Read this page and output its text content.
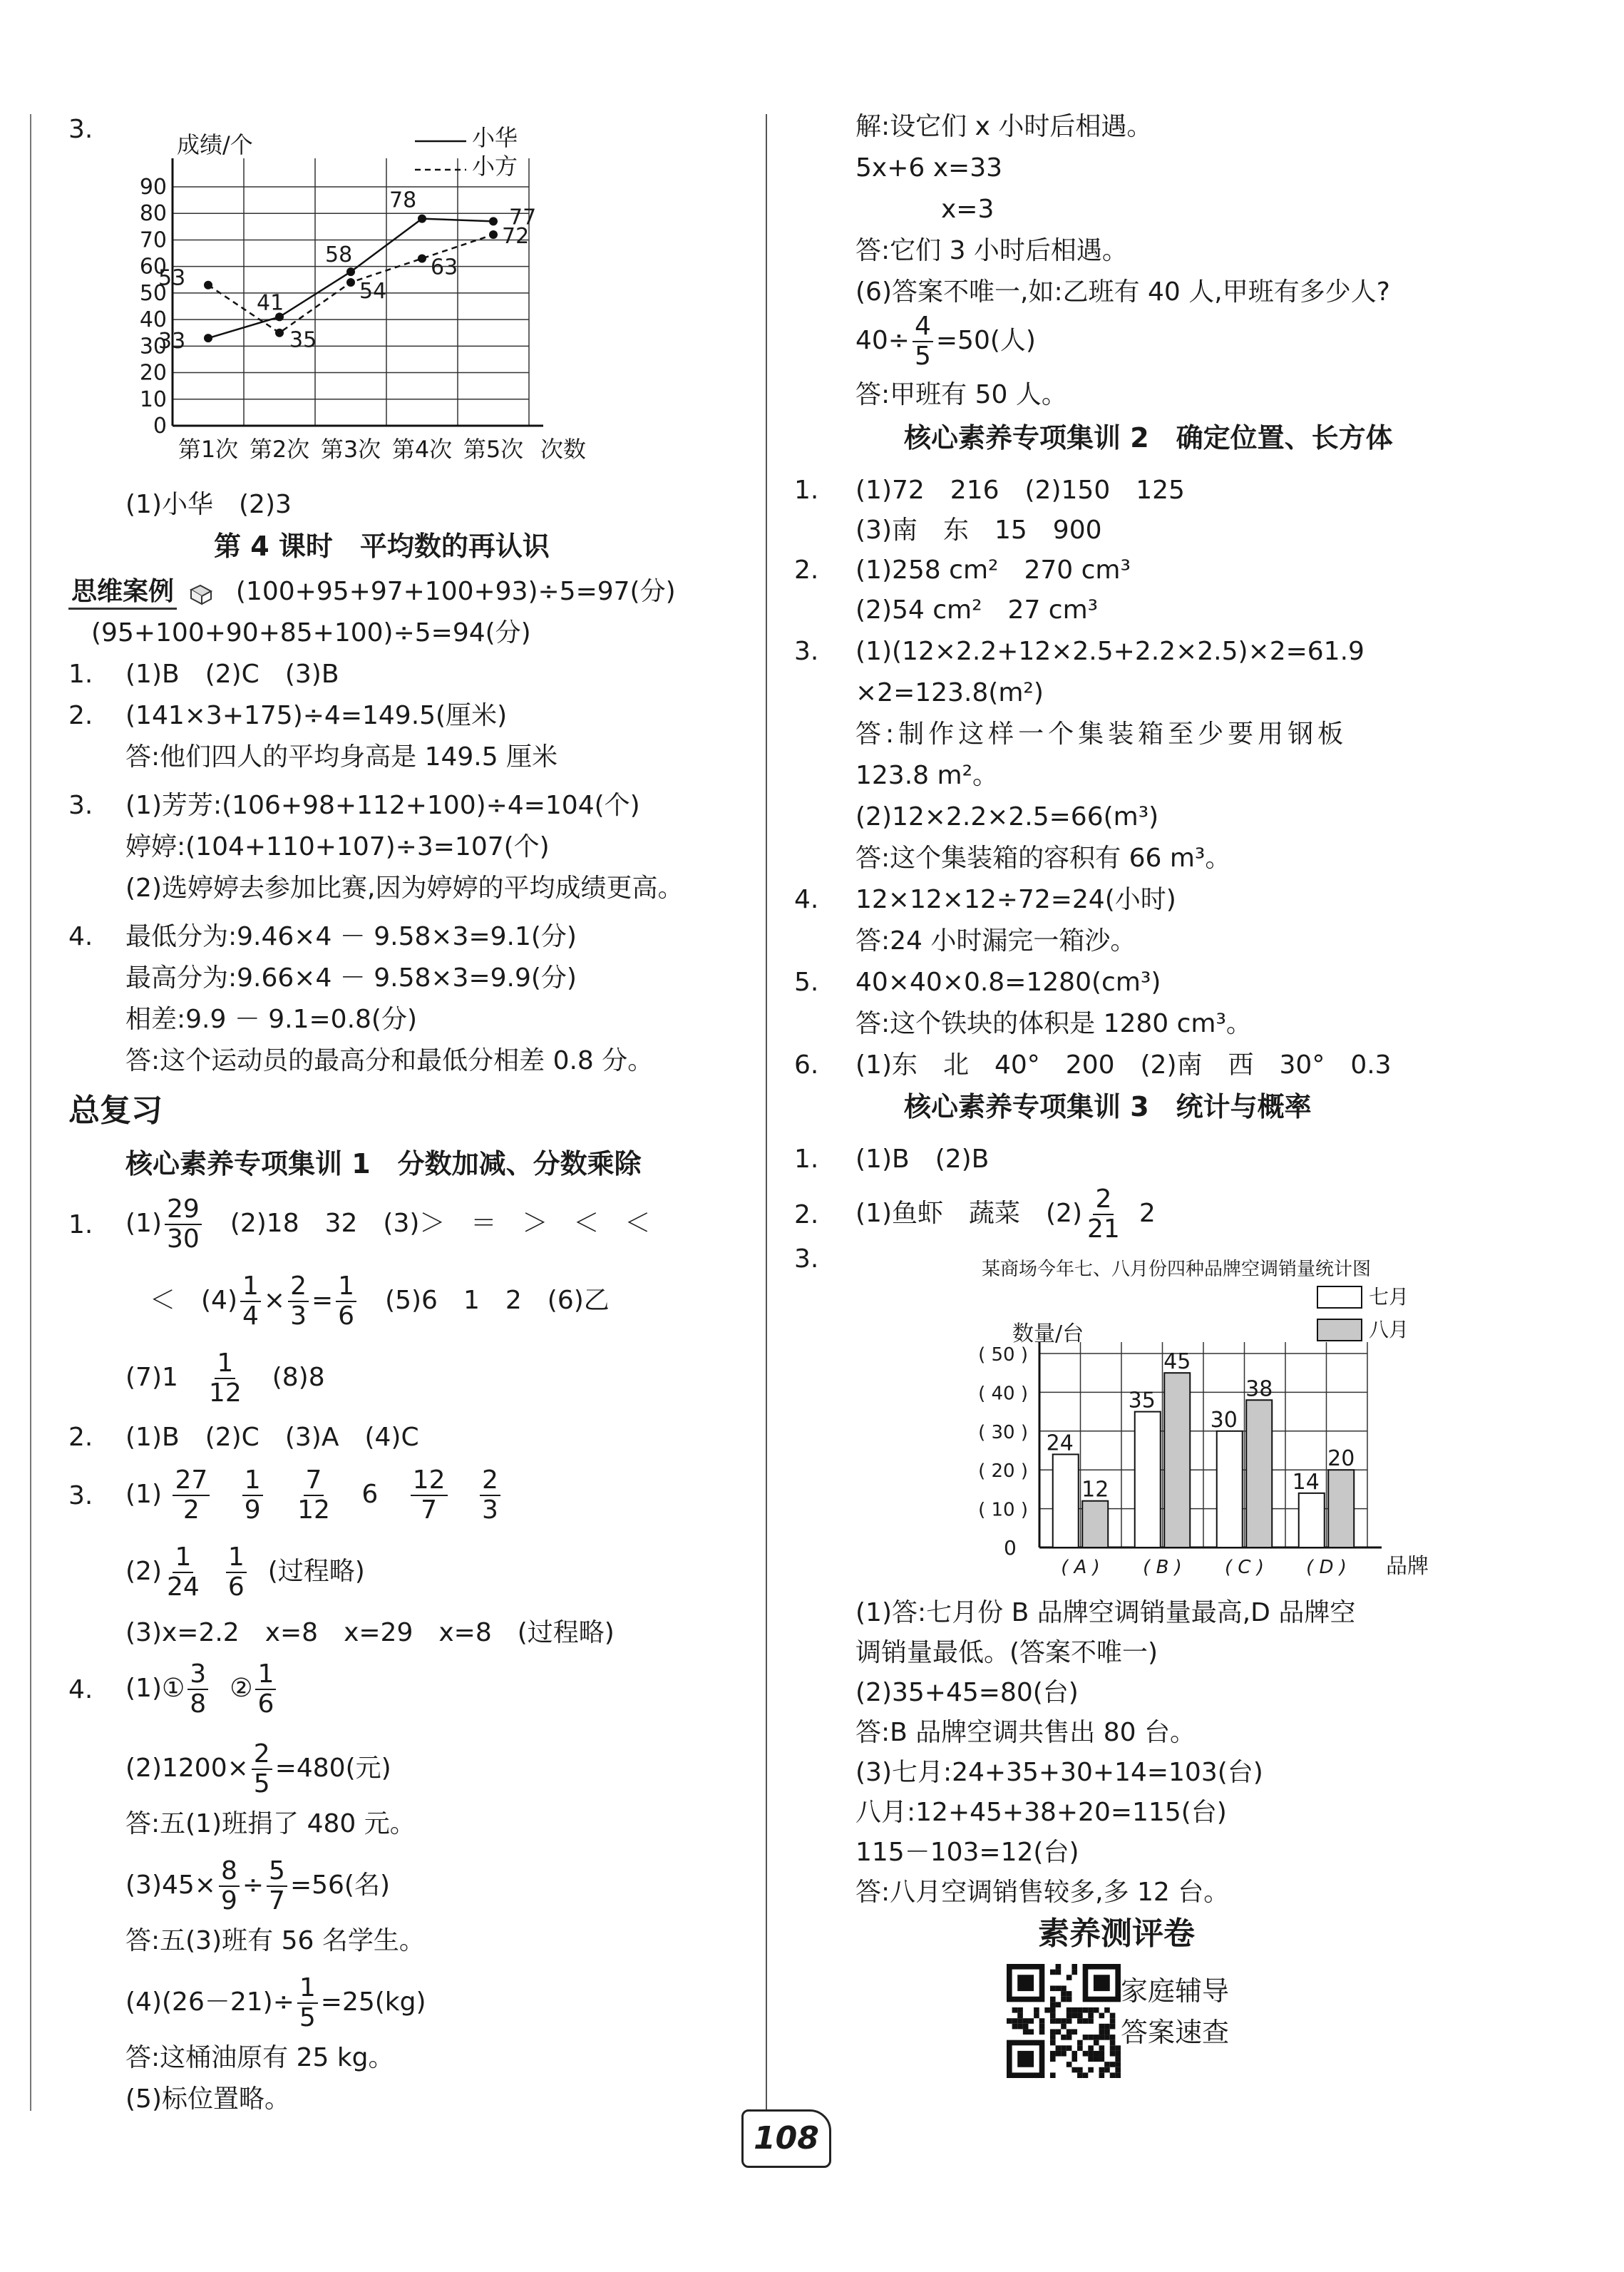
3.
0
10
20
30
40
50
60
70
80
90
成绩/个
第1次 第2次 第3次 第4次 第5次 次数
小华
小方
33
41
58
78
77
53
35
54
63
72
(1)小华　(2)3
第 4 课时　平均数的再认识
思维案例 (100+95+97+100+93)÷5=97(分)
(95+100+90+85+100)÷5=94(分)
1. (1)B　(2)C　(3)B
2. (141×3+175)÷4=149.5(厘米)
答:他们四人的平均身高是 149.5 厘米
3. (1)芳芳:(106+98+112+100)÷4=104(个)
婷婷:(104+110+107)÷3=107(个)
(2)选婷婷去参加比赛,因为婷婷的平均成绩更高。
4. 最低分为:9.46×4 － 9.58×3=9.1(分)
最高分为:9.66×4 － 9.58×3=9.9(分)
相差:9.9 － 9.1=0.8(分)
答:这个运动员的最高分和最低分相差 0.8 分。
总复习
核心素养专项集训 1　分数加减、分数乘除
1. $(1) \frac{29}{30}$ 　(2)18　32　(3)＞　＝　＞　＜　＜
＜　$(4) \frac{1}{4} \times \frac{2}{3} = \frac{1}{6}$ 　(5)6　1　2　(6)乙
(7)1　 $\frac{1}{12}$ 　(8)8
2. (1)B　(2)C　(3)A　(4)C
3. $(1) \frac{27}{2}$
$\frac{1}{9}$
$\frac{7}{12} 6 \frac{12}{7}$
$\frac{2}{3}$
$(2) \frac{1}{24} \frac{1}{6}$ (过程略)
(3)x=2.2　x=8　x=29　x=8　(过程略)
4. (1)① $\frac{3}{8}$ ② $\frac{1}{6}$
$(2)1200\times \frac{2}{5} =480$(元)
答:五(1)班捐了 480 元。
$(3)45\times \frac{8}{9} \div \frac{5}{7} =56$(名)
答:五(3)班有 56 名学生。
$(4)(26-21)\div \frac{1}{5} =25(kg)$
答:这桶油原有 25 kg。
(5)标位置略。
解:设它们 x 小时后相遇。
5x+6 x=33
x=3
答:它们 3 小时后相遇。
(6)答案不唯一,如:乙班有 40 人,甲班有多少人?
$40\div \frac{4}{5} =50$(人)
答:甲班有 50 人。
核心素养专项集训 2　确定位置、长方体
1. (1)72　216　(2)150　125
(3)南　东　15　900
2. (1)258 cm²　270 cm³
(2)54 cm²　27 cm³
3. (1)(12×2.2+12×2.5+2.2×2.5)×2=61.9
×2=123.8(m²)
答:制作这样一个集装箱至少要用钢板
123.8 m²。
(2)12×2.2×2.5=66(m³)
答:这个集装箱的容积有 66 m³。
4. 12×12×12÷72=24(小时)
答:24 小时漏完一箱沙。
5. 40×40×0.8=1280(cm³)
答:这个铁块的体积是 1280 cm³。
6. (1)东　北　40°　200　(2)南　西　30°　0.3
核心素养专项集训 3　统计与概率
1. (1)B　(2)B
2. (1)鱼虾　蔬菜　$(2) \frac{2}{21} 2$
3.	某商场今年七、八月份四种品牌空调销量统计图
七月
八月
数量/台
( 10 )
( 20 )
( 30 )
( 40 )
( 50 )
0
( A ) ( B ) ( C ) ( D ) 品牌
24
12
35
45
30
38
14
20
(1)答:七月份 B 品牌空调销量最高,D 品牌空
调销量最低。(答案不唯一)
(2)35+45=80(台)
答:B 品牌空调共售出 80 台。
(3)七月:24+35+30+14=103(台)
八月:12+45+38+20=115(台)
115－103=12(台)
答:八月空调销售较多,多 12 台。
素养测评卷
家庭辅导
答案速查
108
